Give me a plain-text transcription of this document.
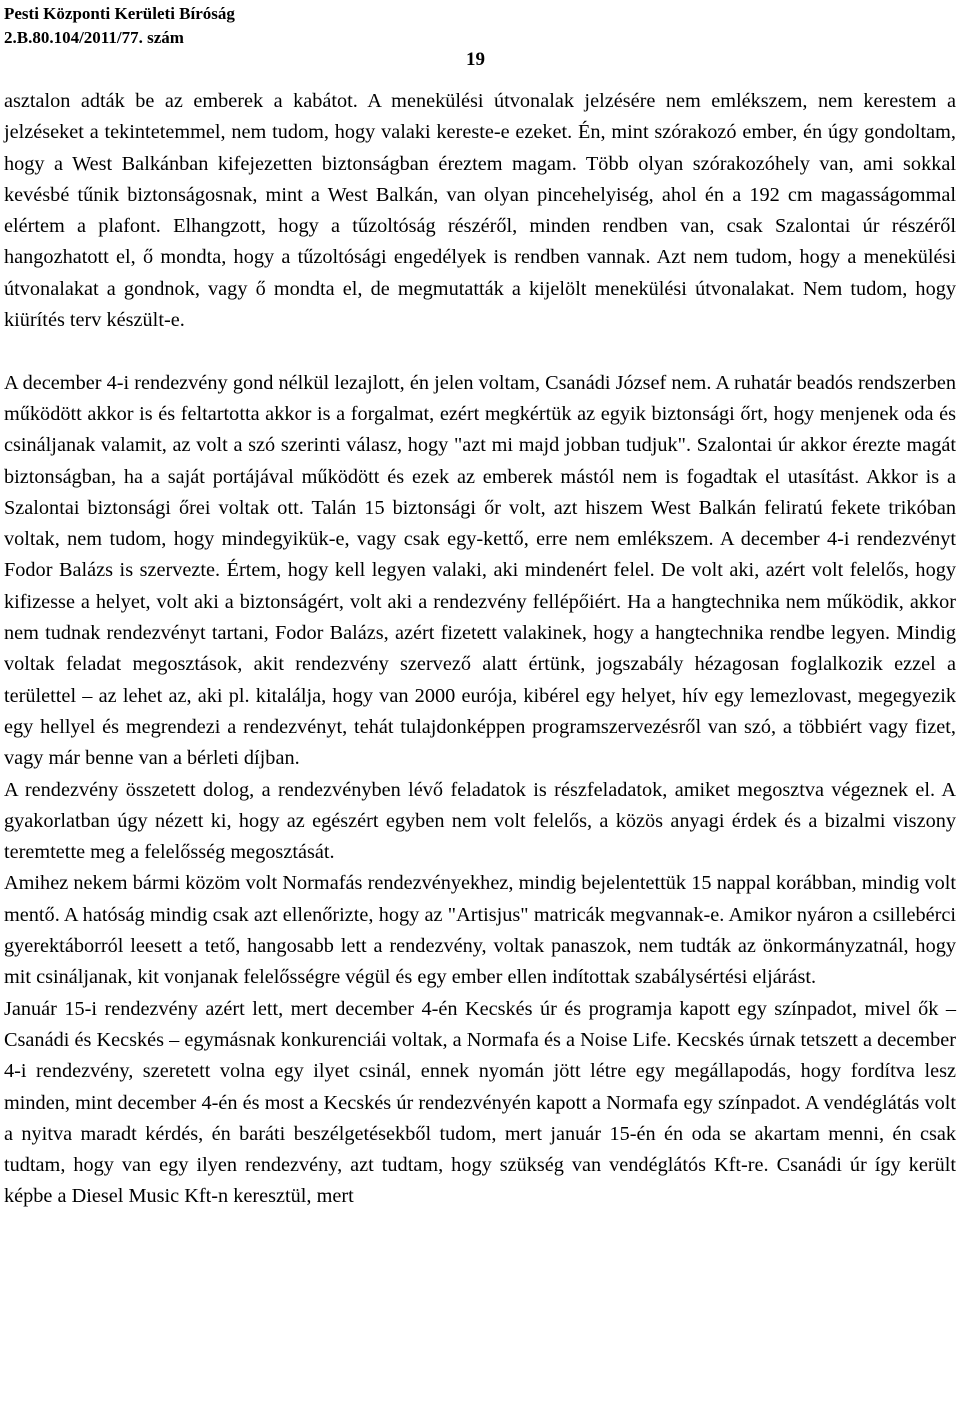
Pesti Központi Kerületi Bíróság
2.B.80.104/2011/77. szám
19

asztalon adták be az emberek a kabátot. A menekülési útvonalak jelzésére nem emlékszem, nem kerestem a jelzéseket a tekintetemmel, nem tudom, hogy valaki kereste-e ezeket. Én, mint szórakozó ember, én úgy gondoltam, hogy a West Balkánban kifejezetten biztonságban éreztem magam. Több olyan szórakozóhely van, ami sokkal kevésbé tűnik biztonságosnak, mint a West Balkán, van olyan pincehelyiség, ahol én a 192 cm magasságommal elértem a plafont. Elhangzott, hogy a tűzoltóság részéről, minden rendben van, csak Szalontai úr részéről hangozhatott el, ő mondta, hogy a tűzoltósági engedélyek is rendben vannak. Azt nem tudom, hogy a menekülési útvonalakat a gondnok, vagy ő mondta el, de megmutatták a kijelölt menekülési útvonalakat. Nem tudom, hogy kiürítés terv készült-e.

A december 4-i rendezvény gond nélkül lezajlott, én jelen voltam, Csanádi József nem. A ruhatár beadós rendszerben működött akkor is és feltartotta akkor is a forgalmat, ezért megkértük az egyik biztonsági őrt, hogy menjenek oda és csináljanak valamit, az volt a szó szerinti válasz, hogy "azt mi majd jobban tudjuk". Szalontai úr akkor érezte magát biztonságban, ha a saját portájával működött és ezek az emberek mástól nem is fogadtak el utasítást. Akkor is a Szalontai biztonsági őrei voltak ott. Talán 15 biztonsági őr volt, azt hiszem West Balkán feliratú fekete trikóban voltak, nem tudom, hogy mindegyikük-e, vagy csak egy-kettő, erre nem emlékszem. A december 4-i rendezvényt Fodor Balázs is szervezte. Értem, hogy kell legyen valaki, aki mindenért felel. De volt aki, azért volt felelős, hogy kifizesse a helyet, volt aki a biztonságért, volt aki a rendezvény fellépőiért. Ha a hangtechnika nem működik, akkor nem tudnak rendezvényt tartani, Fodor Balázs, azért fizetett valakinek, hogy a hangtechnika rendbe legyen. Mindig voltak feladat megosztások, akit rendezvény szervező alatt értünk, jogszabály hézagosan foglalkozik ezzel a területtel – az lehet az, aki pl. kitalálja, hogy van 2000 eurója, kibérel egy helyet, hív egy lemezlovast, megegyezik egy hellyel és megrendezi a rendezvényt, tehát tulajdonképpen programszervezésről van szó, a többiért vagy fizet, vagy már benne van a bérleti díjban.

A rendezvény összetett dolog, a rendezvényben lévő feladatok is részfeladatok, amiket megosztva végeznek el. A gyakorlatban úgy nézett ki, hogy az egészért egyben nem volt felelős, a közös anyagi érdek és a bizalmi viszony teremtette meg a felelősség megosztását.

Amihez nekem bármi közöm volt Normafás rendezvényekhez, mindig bejelentettük 15 nappal korábban, mindig volt mentő. A hatóság mindig csak azt ellenőrizte, hogy az "Artisjus" matricák megvannak-e. Amikor nyáron a csillebérci gyerektáborról leesett a tető, hangosabb lett a rendezvény, voltak panaszok, nem tudták az önkormányzatnál, hogy mit csináljanak, kit vonjanak felelősségre végül és egy ember ellen indítottak szabálysértési eljárást.

Január 15-i rendezvény azért lett, mert december 4-én Kecskés úr és programja kapott egy színpadot, mivel ők – Csanádi és Kecskés – egymásnak konkurenciái voltak, a Normafa és a Noise Life. Kecskés úrnak tetszett a december 4-i rendezvény, szeretett volna egy ilyet csinál, ennek nyomán jött létre egy megállapodás, hogy fordítva lesz minden, mint december 4-én és most a Kecskés úr rendezvényén kapott a Normafa egy színpadot. A vendéglátás volt a nyitva maradt kérdés, én baráti beszélgetésekből tudom, mert január 15-én én oda se akartam menni, én csak tudtam, hogy van egy ilyen rendezvény, azt tudtam, hogy szükség van vendéglátós Kft-re. Csanádi úr így került képbe a Diesel Music Kft-n keresztül, mert
